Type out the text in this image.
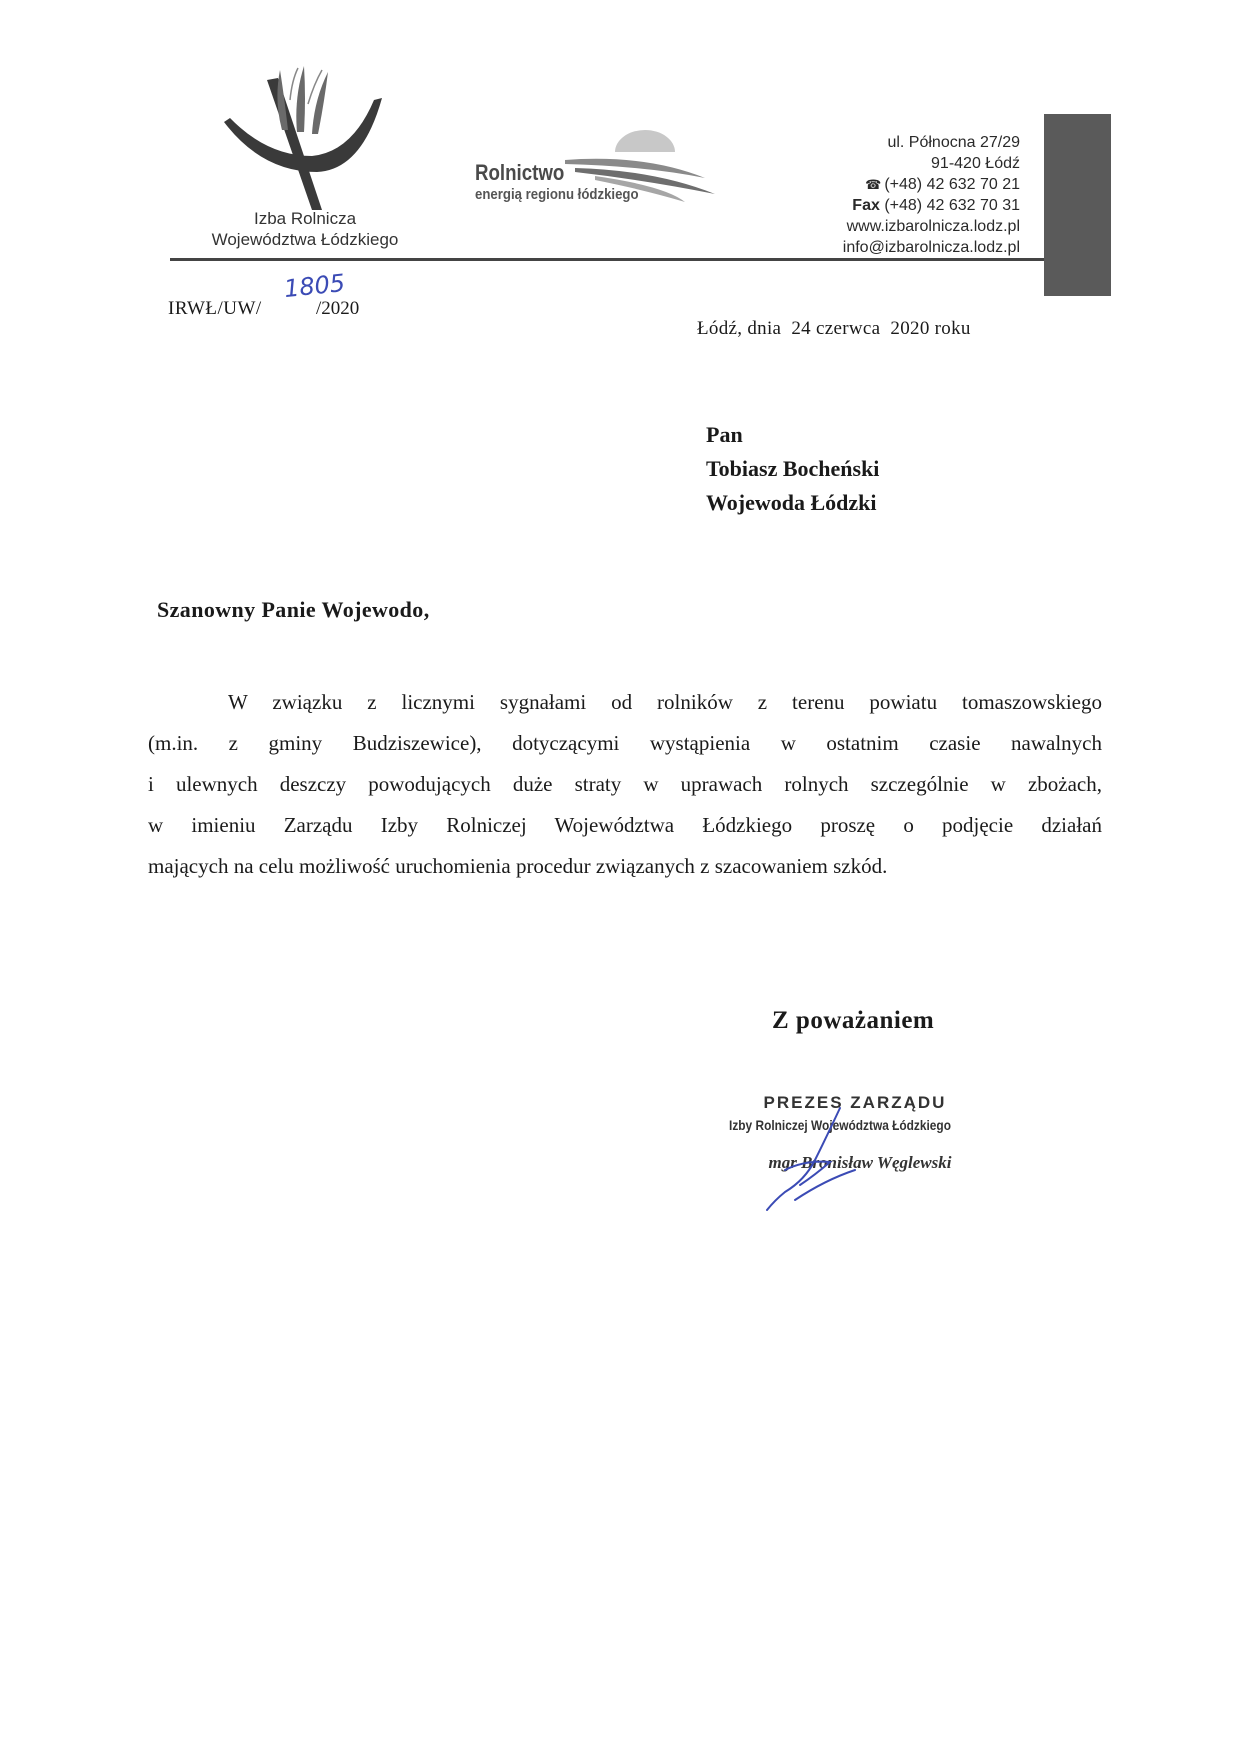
Izba Rolnicza
Województwa Łódzkiego
Rolnictwo
energią regionu łódzkiego
ul. Północna 27/29
91-420 Łódź
☎ (+48) 42 632 70 21
Fax (+48) 42 632 70 31
www.izbarolnicza.lodz.pl
info@izbarolnicza.lodz.pl
IRWŁ/UW/
1805
/2020
Łódź, dnia  24 czerwca  2020 roku
Pan
Tobiasz Bocheński
Wojewoda Łódzki
Szanowny Panie Wojewodo,
W związku z licznymi sygnałami od rolników z terenu powiatu tomaszowskiego
(m.in. z gminy Budziszewice), dotyczącymi wystąpienia w ostatnim czasie nawalnych
i ulewnych deszczy powodujących duże straty w uprawach rolnych szczególnie w zbożach,
w imieniu Zarządu Izby Rolniczej Województwa Łódzkiego proszę o podjęcie działań
mających na celu możliwość uruchomienia procedur związanych z szacowaniem szkód.
Z poważaniem
PREZES ZARZĄDU
Izby Rolniczej Województwa Łódzkiego
mgr Bronisław Węglewski
